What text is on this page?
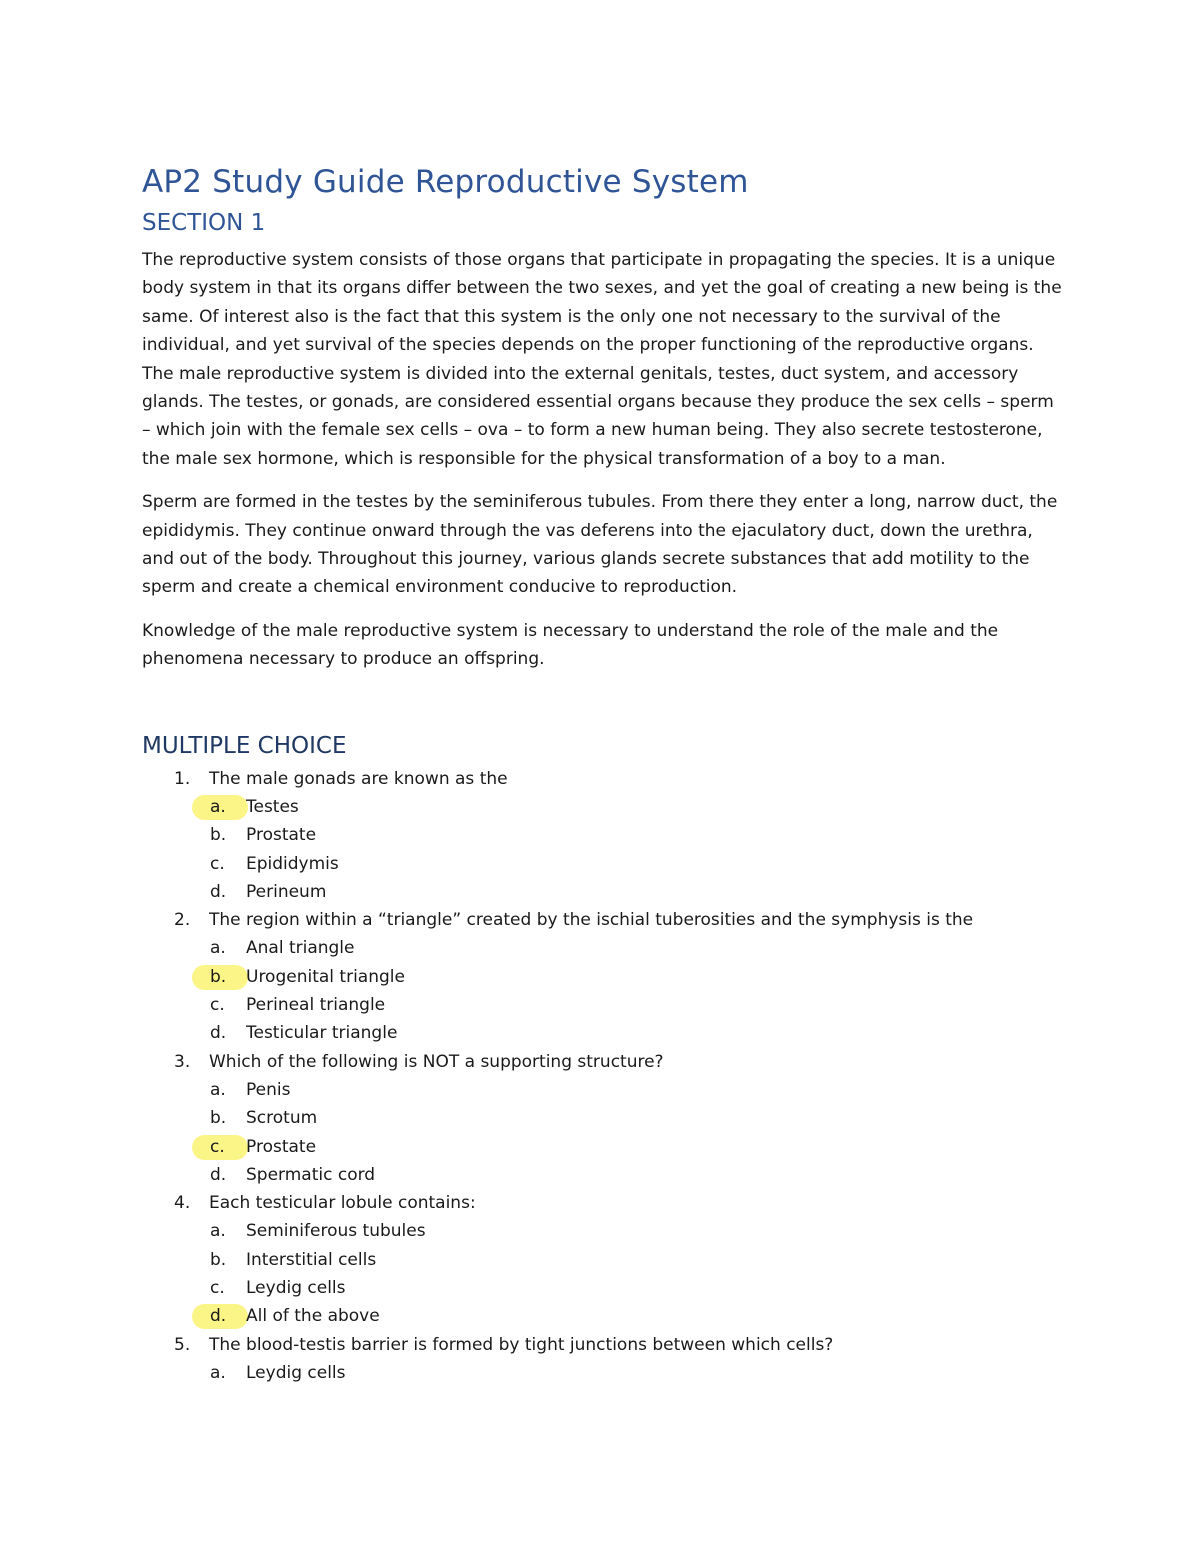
AP2 Study Guide Reproductive System
SECTION 1

The reproductive system consists of those organs that participate in propagating the species. It is a unique body system in that its organs differ between the two sexes, and yet the goal of creating a new being is the same. Of interest also is the fact that this system is the only one not necessary to the survival of the individual, and yet survival of the species depends on the proper functioning of the reproductive organs. The male reproductive system is divided into the external genitals, testes, duct system, and accessory glands. The testes, or gonads, are considered essential organs because they produce the sex cells – sperm – which join with the female sex cells – ova – to form a new human being. They also secrete testosterone, the male sex hormone, which is responsible for the physical transformation of a boy to a man.

Sperm are formed in the testes by the seminiferous tubules. From there they enter a long, narrow duct, the epididymis. They continue onward through the vas deferens into the ejaculatory duct, down the urethra, and out of the body. Throughout this journey, various glands secrete substances that add motility to the sperm and create a chemical environment conducive to reproduction.

Knowledge of the male reproductive system is necessary to understand the role of the male and the phenomena necessary to produce an offspring.

MULTIPLE CHOICE
1.	The male gonads are known as the
a.	Testes
b.	Prostate
c.	Epididymis
d.	Perineum
2.	The region within a “triangle” created by the ischial tuberosities and the symphysis is the
a.	Anal triangle
b.	Urogenital triangle
c.	Perineal triangle
d.	Testicular triangle
3.	Which of the following is NOT a supporting structure?
a.	Penis
b.	Scrotum
c.	Prostate
d.	Spermatic cord
4.	Each testicular lobule contains:
a.	Seminiferous tubules
b.	Interstitial cells
c.	Leydig cells
d.	All of the above
5.	The blood-testis barrier is formed by tight junctions between which cells?
a.	Leydig cells
